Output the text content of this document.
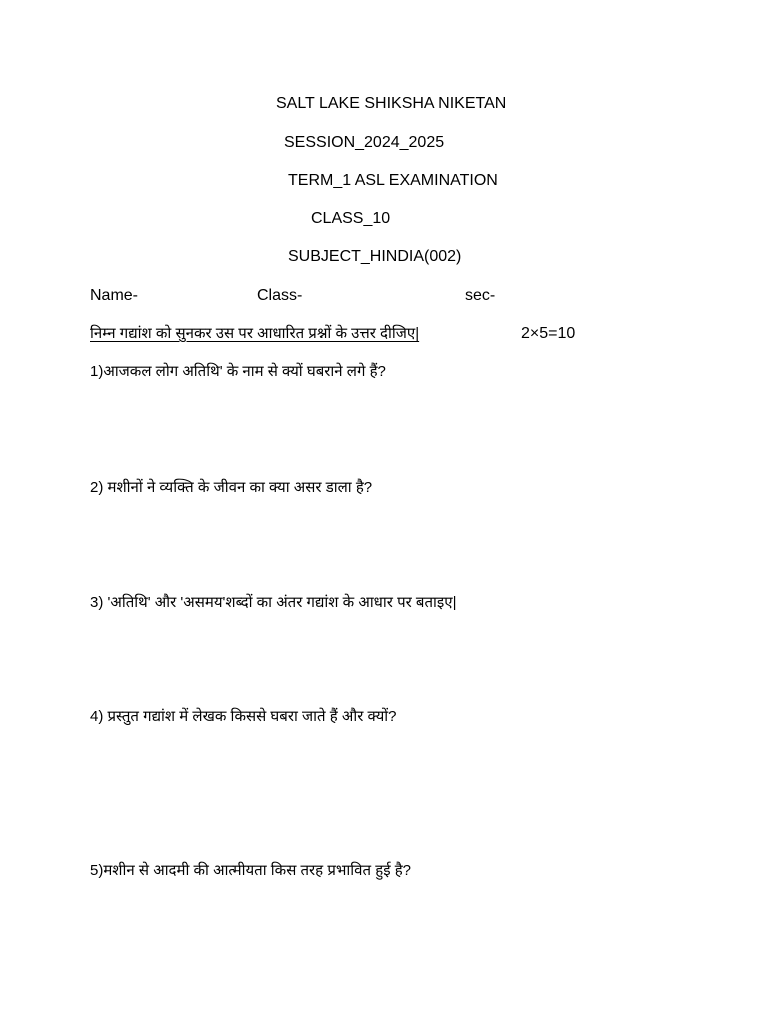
SALT LAKE SHIKSHA NIKETAN
SESSION_2024_2025
TERM_1 ASL EXAMINATION
CLASS_10
SUBJECT_HINDIA(002)
Name-	Class-	sec-
निम्न गद्यांश को सुनकर उस पर आधारित प्रश्नों के उत्तर दीजिए|	2×5=10
1)आजकल लोग अतिथि' के नाम से क्यों घबराने लगे हैं?
2) मशीनों ने व्यक्ति के जीवन का क्या असर डाला है?
3) 'अतिथि' और 'असमय'शब्दों का अंतर गद्यांश के आधार पर बताइए|
4) प्रस्तुत गद्यांश में लेखक किससे घबरा जाते हैं और क्यों?
5)मशीन से आदमी की आत्मीयता किस तरह प्रभावित हुई है?
